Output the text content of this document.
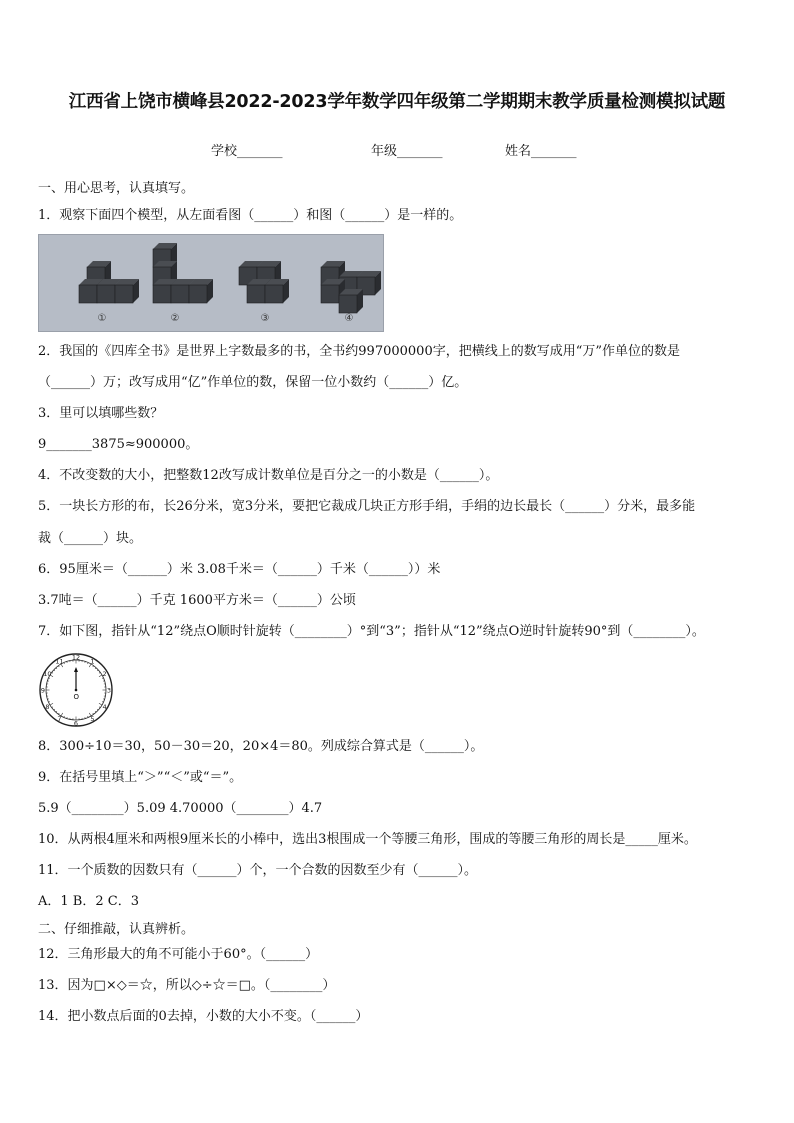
江西省上饶市横峰县2022-2023学年数学四年级第二学期期末教学质量检测模拟试题
学校_______	年级_______	姓名_______
一、用心思考，认真填写。
1．观察下面四个模型，从左面看图（______）和图（______）是一样的。
①	②	③	④
2．我国的《四库全书》是世界上字数最多的书，全书约997000000字，把横线上的数写成用“万”作单位的数是
（______）万；改写成用“亿”作单位的数，保留一位小数约（______）亿。
3．里可以填哪些数？
9_______3875≈900000。
4．不改变数的大小，把整数12改写成计数单位是百分之一的小数是（______）。
5．一块长方形的布，长26分米，宽3分米，要把它裁成几块正方形手绢，手绢的边长最长（______）分米，最多能
裁（______）块。
6．95厘米＝（______）米 3.08千米＝（______）千米（______））米
3.7吨＝（______）千克 1600平方米＝（______）公顷
7．如下图，指针从“12”绕点O顺时针旋转（________）°到“3”；指针从“12”绕点O逆时针旋转90°到（________）。
12
1
2
3
4
5
6
7
8
9
10
11
O
8．300÷10＝30，50－30＝20，20×4＝80。列成综合算式是（______）。
9．在括号里填上“＞”“＜”或“＝”。
5.9（________）5.09 4.70000（________）4.7
10．从两根4厘米和两根9厘米长的小棒中，选出3根围成一个等腰三角形，围成的等腰三角形的周长是_____厘米。
11．一个质数的因数只有（______）个，一个合数的因数至少有（______）。
A．1 B．2 C．3
二、仔细推敲，认真辨析。
12．三角形最大的角不可能小于60°。（______）
13．因为□×◇＝☆，所以◇÷☆＝□。（________）
14．把小数点后面的0去掉，小数的大小不变。（______）
